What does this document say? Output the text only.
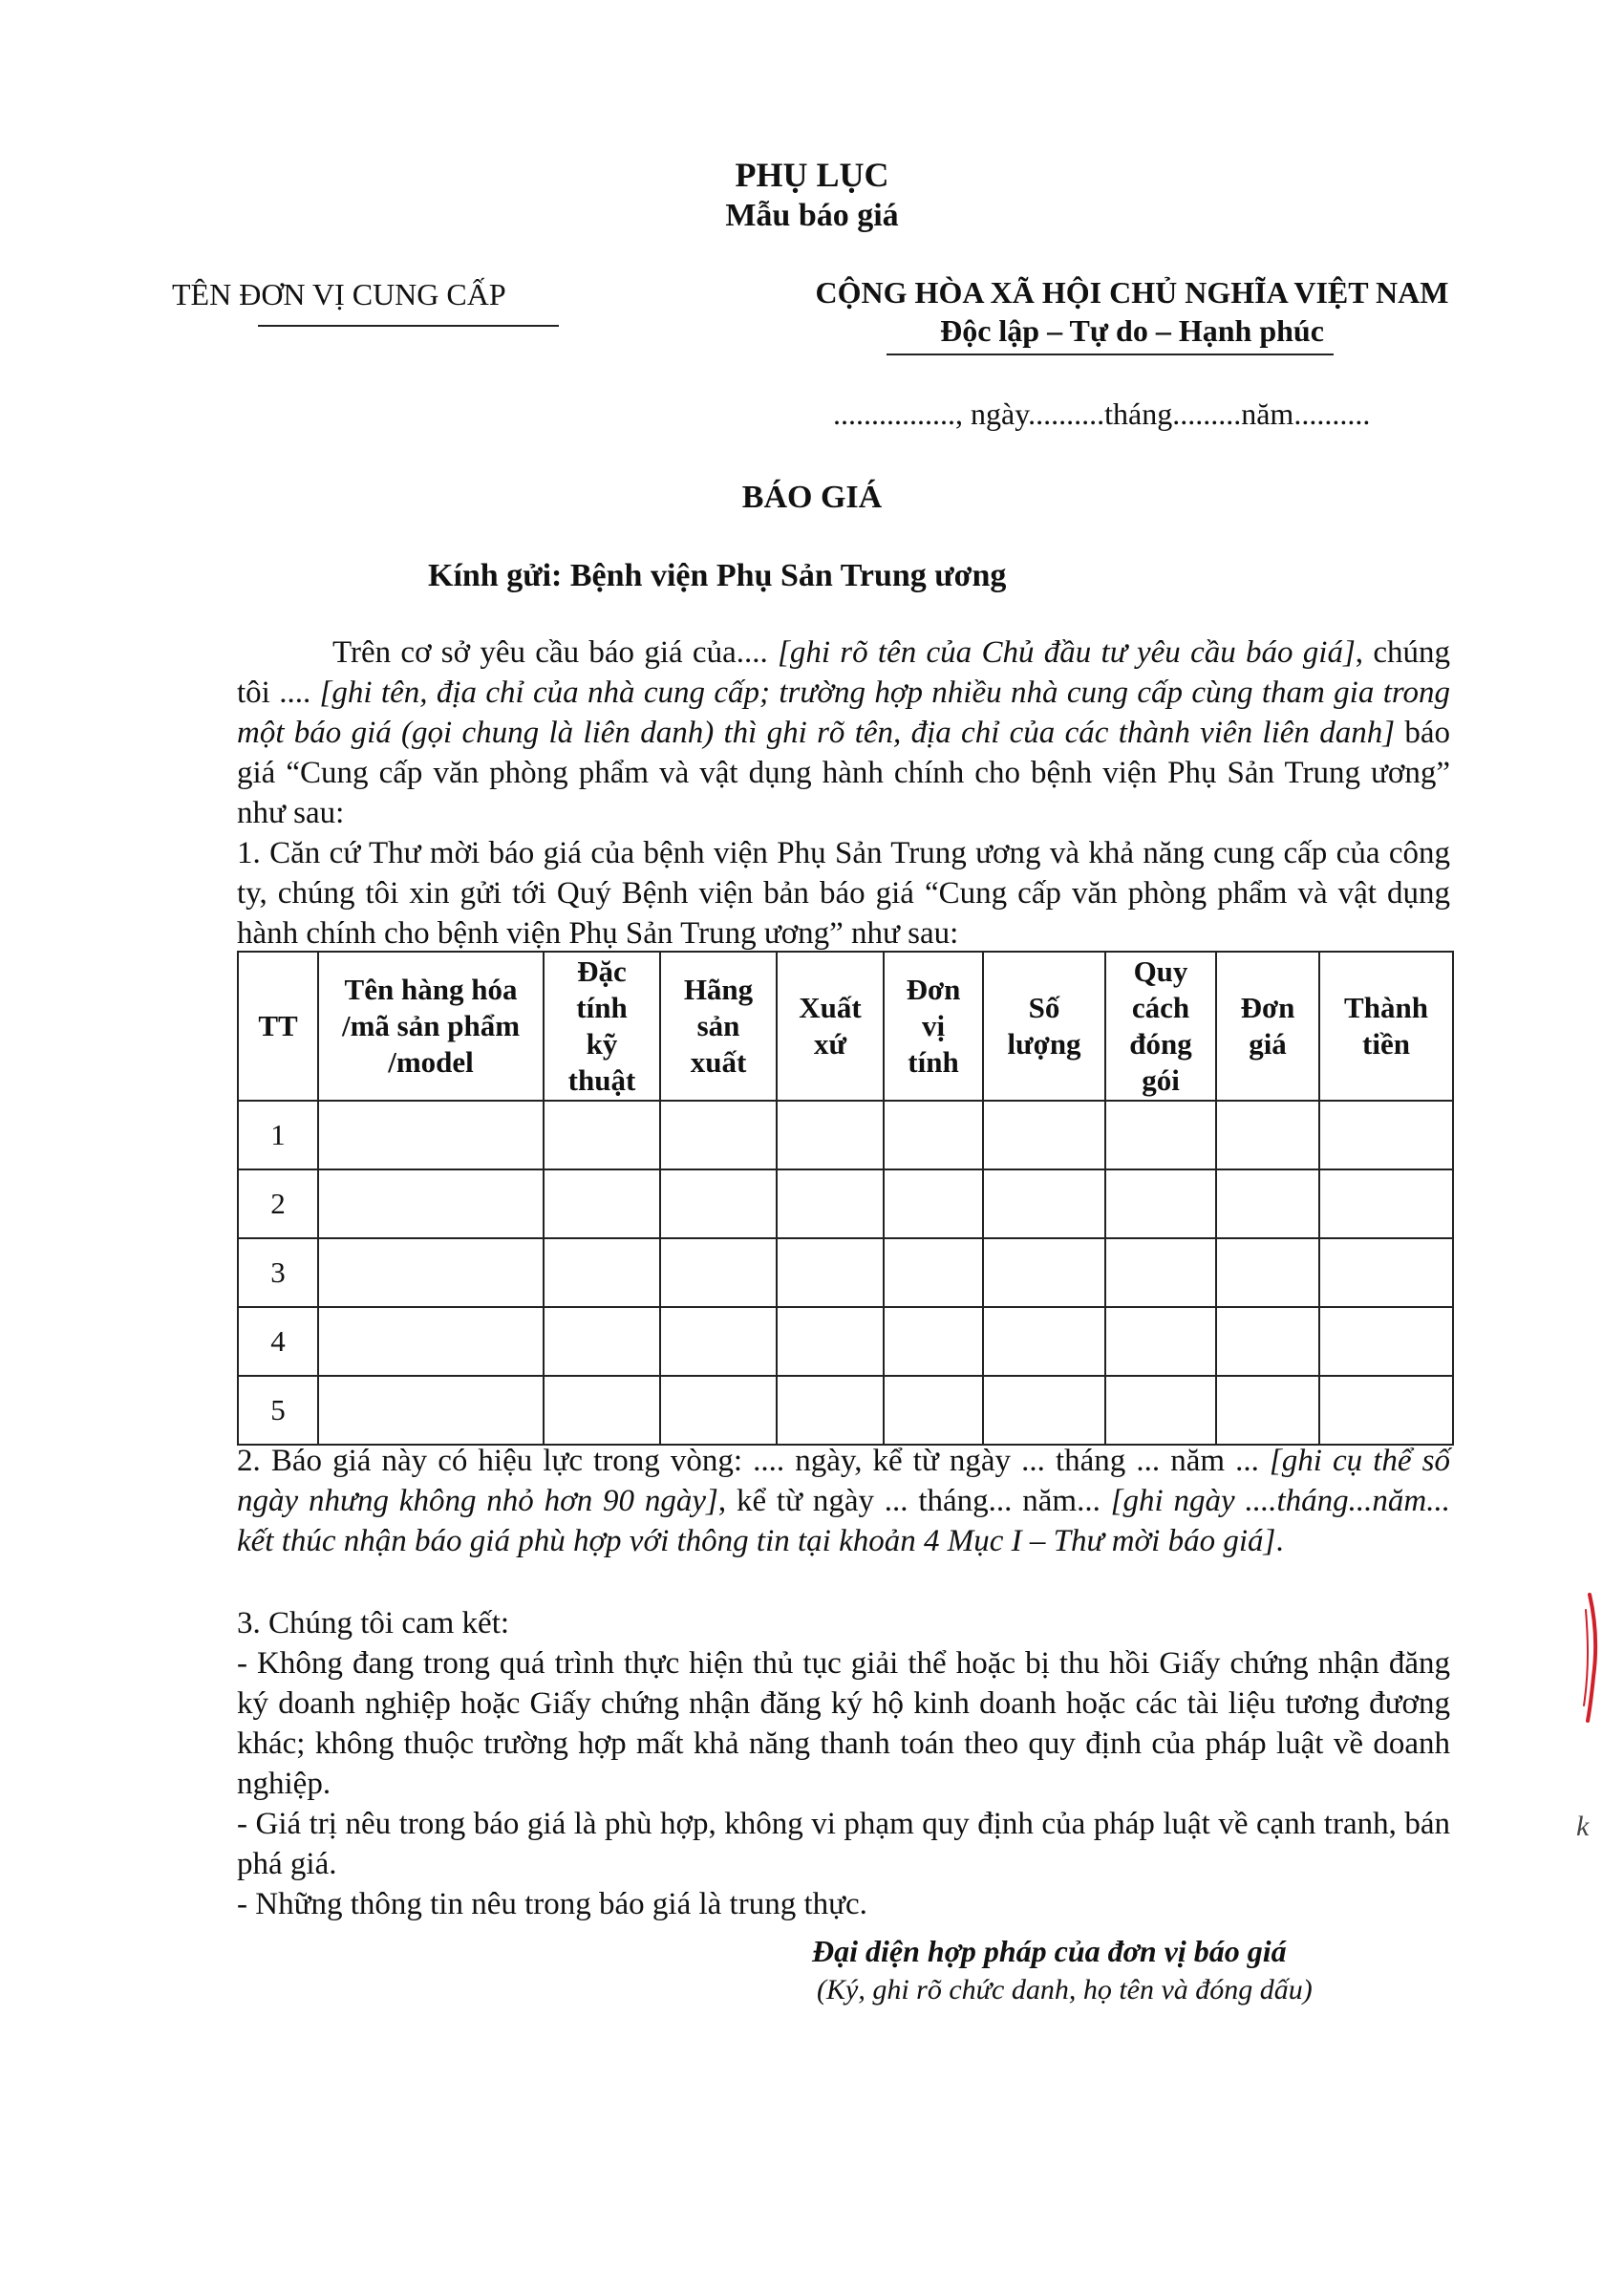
PHỤ LỤC
Mẫu báo giá
TÊN ĐƠN VỊ CUNG CẤP	CỘNG HÒA XÃ HỘI CHỦ NGHĨA VIỆT NAM
Độc lập – Tự do – Hạnh phúc
................, ngày..........tháng.........năm..........
BÁO GIÁ
Kính gửi: Bệnh viện Phụ Sản Trung ương
Trên cơ sở yêu cầu báo giá của.... [ghi rõ tên của Chủ đầu tư yêu cầu báo giá], chúng tôi .... [ghi tên, địa chỉ của nhà cung cấp; trường hợp nhiều nhà cung cấp cùng tham gia trong một báo giá (gọi chung là liên danh) thì ghi rõ tên, địa chỉ của các thành viên liên danh] báo giá “Cung cấp văn phòng phẩm và vật dụng hành chính cho bệnh viện Phụ Sản Trung ương” như sau:
1. Căn cứ Thư mời báo giá của bệnh viện Phụ Sản Trung ương và khả năng cung cấp của công ty, chúng tôi xin gửi tới Quý Bệnh viện bản báo giá “Cung cấp văn phòng phẩm và vật dụng hành chính cho bệnh viện Phụ Sản Trung ương” như sau:
TT	Tên hàng hóa /mã sản phẩm /model	Đặc tính kỹ thuật	Hãng sản xuất	Xuất xứ	Đơn vị tính	Số lượng	Quy cách đóng gói	Đơn giá	Thành tiền
1									
2									
3									
4									
5									
2. Báo giá này có hiệu lực trong vòng: .... ngày, kể từ ngày ... tháng ... năm ... [ghi cụ thể số ngày nhưng không nhỏ hơn 90 ngày], kể từ ngày ... tháng... năm... [ghi ngày ....tháng...năm... kết thúc nhận báo giá phù hợp với thông tin tại khoản 4 Mục I – Thư mời báo giá].
3. Chúng tôi cam kết:
- Không đang trong quá trình thực hiện thủ tục giải thể hoặc bị thu hồi Giấy chứng nhận đăng ký doanh nghiệp hoặc Giấy chứng nhận đăng ký hộ kinh doanh hoặc các tài liệu tương đương khác; không thuộc trường hợp mất khả năng thanh toán theo quy định của pháp luật về doanh nghiệp.
- Giá trị nêu trong báo giá là phù hợp, không vi phạm quy định của pháp luật về cạnh tranh, bán phá giá.
- Những thông tin nêu trong báo giá là trung thực.
Đại diện hợp pháp của đơn vị báo giá
(Ký, ghi rõ chức danh, họ tên và đóng dấu)
k
